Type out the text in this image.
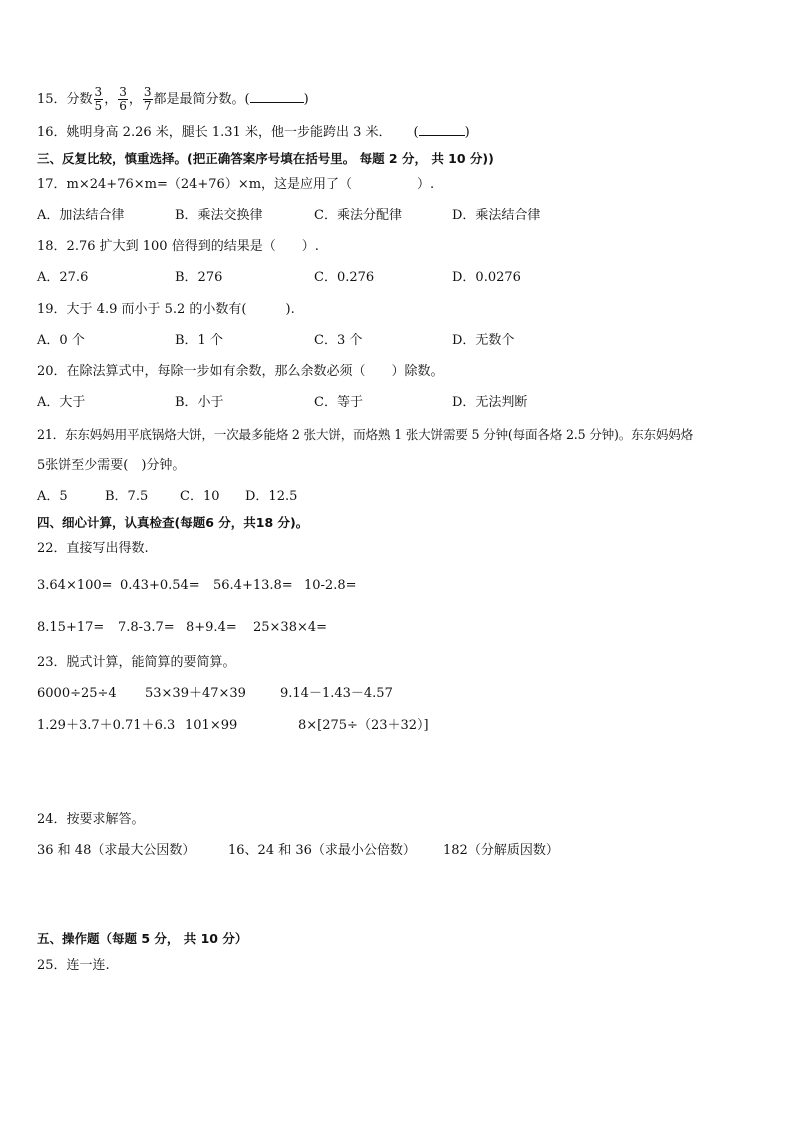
15．分数 $\frac{3}{5}$ ， $\frac{3}{6}$ ， $\frac{3}{7}$ 都是最简分数。(	)
16．姚明身高 2.26 米，腿长 1.31 米，他一步能跨出 3 米． (	)
三、反复比较，慎重选择。(把正确答案序号填在括号里。 每题 2 分， 共 10 分))
17．m×24+76×m=（24+76）×m，这是应用了（　　　　　）.
A．加法结合律	B．乘法交换律	C．乘法分配律	D．乘法结合律
18．2.76 扩大到 100 倍得到的结果是（　　）.
A．27.6	B．276	C．0.276	D．0.0276
19．大于 4.9 而小于 5.2 的小数有(　　　).
A．0 个	B．1 个	C．3 个	D．无数个
20．在除法算式中，每除一步如有余数，那么余数必须（　　）除数。
A．大于	B．小于	C．等于	D．无法判断
21．东东妈妈用平底锅烙大饼，一次最多能烙 2 张大饼，而烙熟 1 张大饼需要 5 分钟(每面各烙 2.5 分钟)。东东妈妈烙
5张饼至少需要(　)分钟。
A．5	B．7.5 C．10 D．12.5
四、细心计算，认真检查(每题6 分，共18 分)。
22．直接写出得数.
3.64×100= 0.43+0.54= 56.4+13.8= 10-2.8=
8.15+17= 7.8-3.7= 8+9.4= 25×38×4=
23．脱式计算，能简算的要简算。
6000÷25÷4 53×39＋47×39	9.14－1.43－4.57
1.29＋3.7＋0.71＋6.3 101×99	8×[275÷（23＋32）]
24．按要求解答。
36 和 48（求最大公因数）	16、24 和 36（求最小公倍数） 182（分解质因数）
五、操作题（每题 5 分， 共 10 分）
25．连一连.
